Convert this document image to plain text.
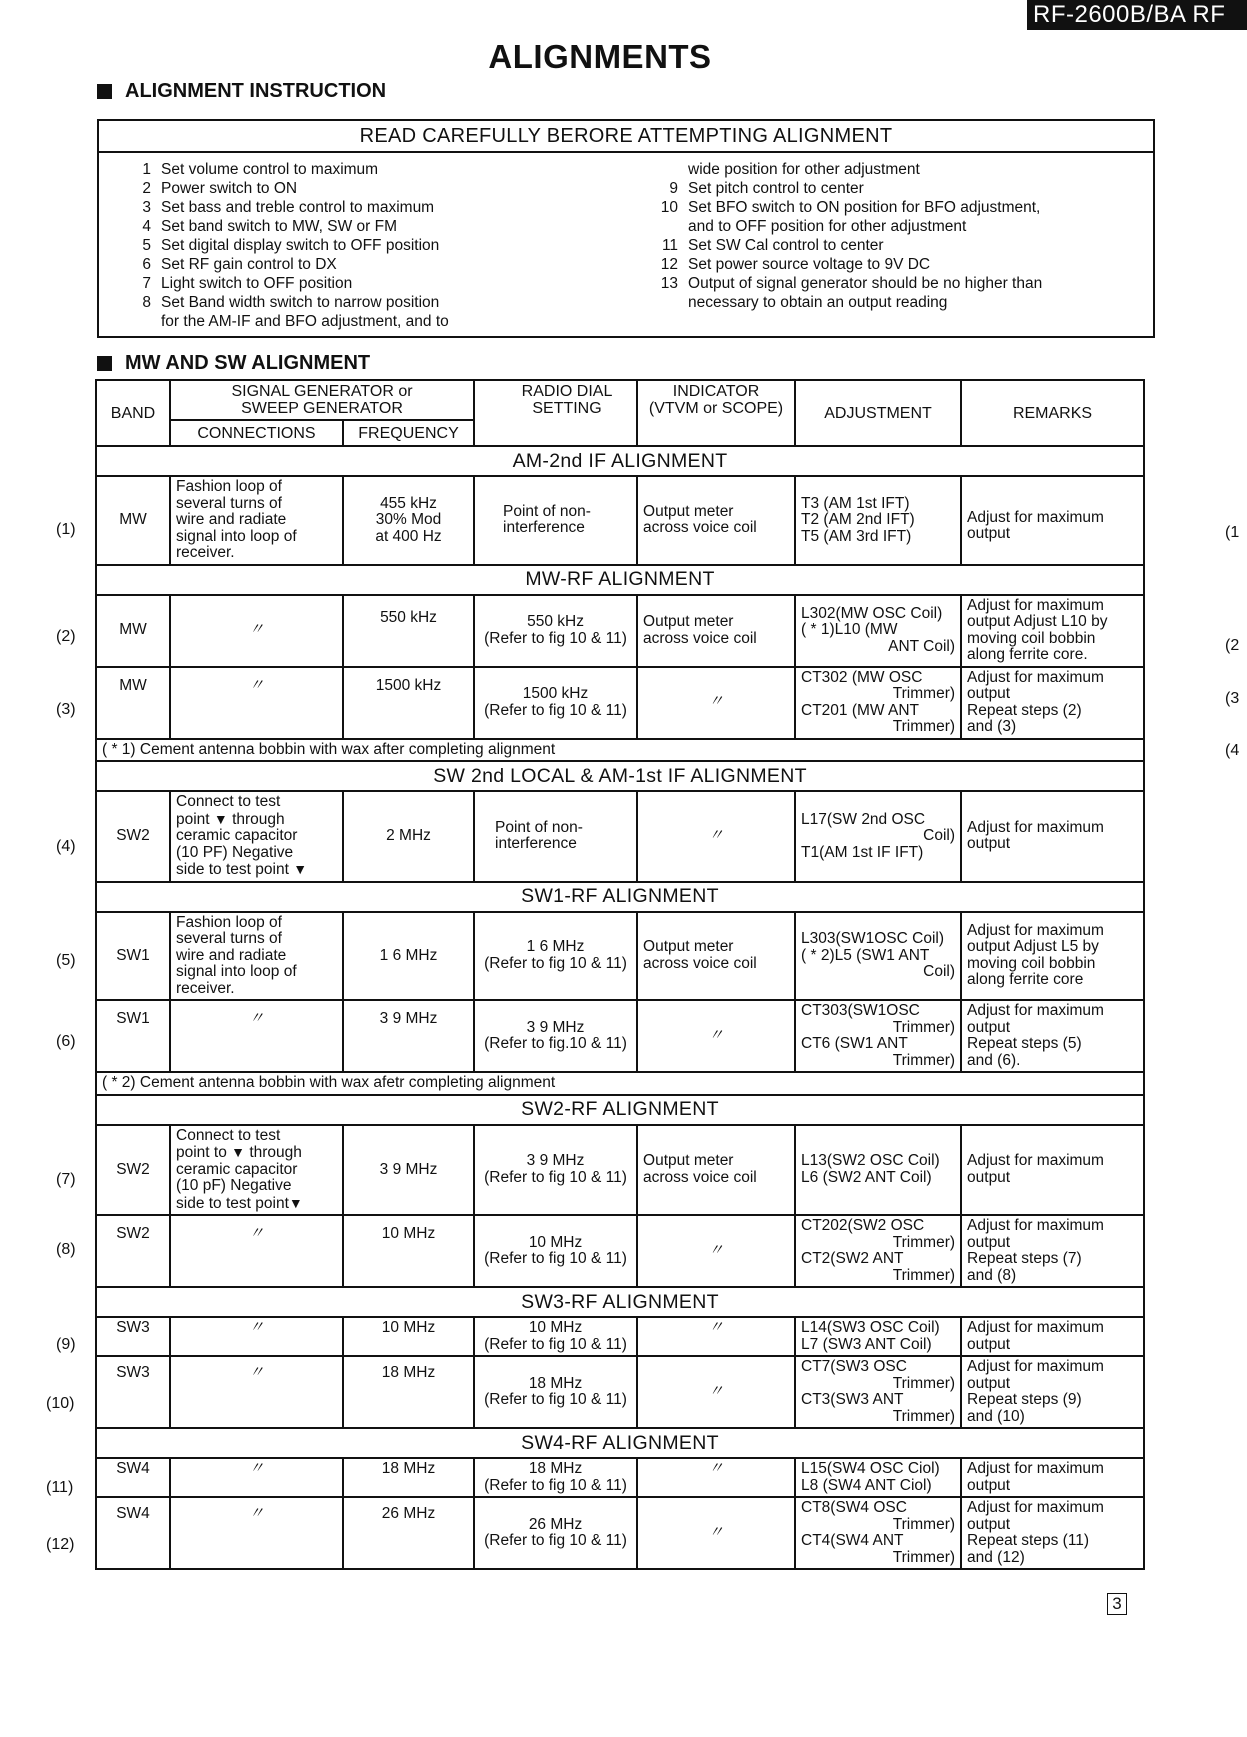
RF-2600B/BA RF
ALIGNMENTS
ALIGNMENT INSTRUCTION
READ CAREFULLY BERORE ATTEMPTING ALIGNMENT
1 Set volume control to maximum
2 Power switch to ON
3 Set bass and treble control to maximum
4 Set band switch to MW, SW or FM
5 Set digital display switch to OFF position
6 Set RF gain control to DX
7 Light switch to OFF position
8 Set Band width switch to narrow position
for the AM-IF and BFO adjustment, and to
wide position for other adjustment
9 Set pitch control to center
10 Set BFO switch to ON position for BFO adjustment,
and to OFF position for other adjustment
11 Set SW Cal control to center
12 Set power source voltage to 9V DC
13 Output of signal generator should be no higher than
necessary to obtain an output reading
MW AND SW ALIGNMENT
BAND	SIGNAL GENERATOR or
SWEEP GENERATOR		RADIO DIAL
SETTING	INDICATOR
(VTVM or SCOPE)	ADJUSTMENT	REMARKS
	CONNECTIONS	FREQUENCY				
AM-2nd IF ALIGNMENT						
MW	Fashion loop of
several turns of
wire and radiate
signal into loop of
receiver.	455 kHz
30% Mod
at 400 Hz	Point of non-
interference	Output meter
across voice coil	T3 (AM 1st IFT)
T2 (AM 2nd IFT)
T5 (AM 3rd IFT)	Adjust for maximum
output
MW-RF ALIGNMENT						
MW	〃	550 kHz	550 kHz
(Refer to fig 10 & 11)	Output meter
across voice coil	L302(MW OSC Coil)
( * 1)L10 (MW
ANT Coil)	Adjust for maximum
output Adjust L10 by
moving coil bobbin
along ferrite core.
MW	〃	1500 kHz	1500 kHz
(Refer to fig 10 & 11)	〃	CT302 (MW OSC
Trimmer)
CT201 (MW ANT
Trimmer)	Adjust for maximum
output
Repeat steps (2)
and (3)
( * 1) Cement antenna bobbin with wax after completing alignment						
SW 2nd LOCAL & AM-1st IF ALIGNMENT						
SW2	Connect to test
point ▼ through
ceramic capacitor
(10 PF) Negative
side to test point ▼	2 MHz	Point of non-
interference	〃	L17(SW 2nd OSC
Coil)
T1(AM 1st IF IFT)	Adjust for maximum
output
SW1-RF ALIGNMENT						
SW1	Fashion loop of
several turns of
wire and radiate
signal into loop of
receiver.	1 6 MHz	1 6 MHz
(Refer to fig 10 & 11)	Output meter
across voice coil	L303(SW1OSC Coil)
( * 2)L5 (SW1 ANT
Coil)	Adjust for maximum
output Adjust L5 by
moving coil bobbin
along ferrite core
SW1	〃	3 9 MHz	3 9 MHz
(Refer to fig.10 & 11)	〃	CT303(SW1OSC
Trimmer)
CT6 (SW1 ANT
Trimmer)	Adjust for maximum
output
Repeat steps (5)
and (6).
( * 2) Cement antenna bobbin with wax afetr completing alignment						
SW2-RF ALIGNMENT						
SW2	Connect to test
point to ▼ through
ceramic capacitor
(10 pF) Negative
side to test point▼	3 9 MHz	3 9 MHz
(Refer to fig 10 & 11)	Output meter
across voice coil	L13(SW2 OSC Coil)
L6 (SW2 ANT Coil)	Adjust for maximum
output
SW2	〃	10 MHz	10 MHz
(Refer to fig 10 & 11)	〃	CT202(SW2 OSC
Trimmer)
CT2(SW2 ANT
Trimmer)	Adjust for maximum
output
Repeat steps (7)
and (8)
SW3-RF ALIGNMENT						
SW3	〃	10 MHz	10 MHz
(Refer to fig 10 & 11)	〃	L14(SW3 OSC Coil)
L7 (SW3 ANT Coil)	Adjust for maximum
output
SW3	〃	18 MHz	18 MHz
(Refer to fig 10 & 11)	〃	CT7(SW3 OSC
Trimmer)
CT3(SW3 ANT
Trimmer)	Adjust for maximum
output
Repeat steps (9)
and (10)
SW4-RF ALIGNMENT						
SW4	〃	18 MHz	18 MHz
(Refer to fig 10 & 11)	〃	L15(SW4 OSC Ciol)
L8 (SW4 ANT Ciol)	Adjust for maximum
output
SW4	〃	26 MHz	26 MHz
(Refer to fig 10 & 11)	〃	CT8(SW4 OSC
Trimmer)
CT4(SW4 ANT
Trimmer)	Adjust for maximum
output
Repeat steps (11)
and (12)
(1)
(2)
(3)
(4)
(5)
(6)
(7)
(8)
(9)
(10)
(11)
(12)
(1
(2
(3
(4
3
